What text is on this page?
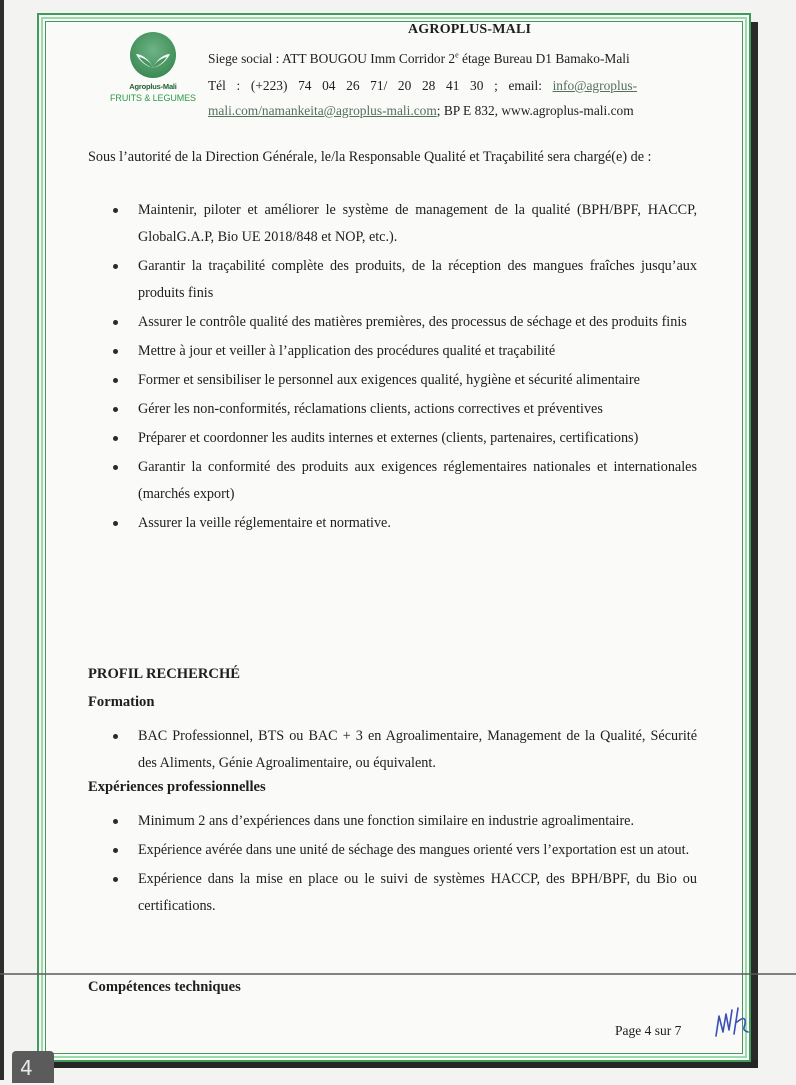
Agroplus-Mali
FRUITS & LEGUMES
AGROPLUS-MALI
Siege social : ATT BOUGOU Imm Corridor 2e étage Bureau D1 Bamako-Mali
Tél : (+223) 74 04 26 71/ 20 28 41 30 ; email: info@agroplus-
mali.com/namankeita@agroplus-mali.com; BP E 832, www.agroplus-mali.com
Sous l’autorité de la Direction Générale, le/la Responsable Qualité et Traçabilité sera chargé(e) de :
Maintenir, piloter et améliorer le système de management de la qualité (BPH/BPF, HACCP, GlobalG.A.P, Bio UE 2018/848 et NOP, etc.).
Garantir la traçabilité complète des produits, de la réception des mangues fraîches jusqu’aux produits finis
Assurer le contrôle qualité des matières premières, des processus de séchage et des produits finis
Mettre à jour et veiller à l’application des procédures qualité et traçabilité
Former et sensibiliser le personnel aux exigences qualité, hygiène et sécurité alimentaire
Gérer les non-conformités, réclamations clients, actions correctives et préventives
Préparer et coordonner les audits internes et externes (clients, partenaires, certifications)
Garantir la conformité des produits aux exigences réglementaires nationales et internationales (marchés export)
Assurer la veille réglementaire et normative.
PROFIL RECHERCHÉ
Formation
BAC Professionnel, BTS ou BAC + 3 en Agroalimentaire, Management de la Qualité, Sécurité des Aliments, Génie Agroalimentaire, ou équivalent.
Expériences professionnelles
Minimum 2 ans d’expériences dans une fonction similaire en industrie agroalimentaire.
Expérience avérée dans une unité de séchage des mangues orienté vers l’exportation est un atout.
Expérience dans la mise en place ou le suivi de systèmes HACCP, des BPH/BPF, du Bio ou certifications.
Compétences techniques
Page 4 sur 7
4
